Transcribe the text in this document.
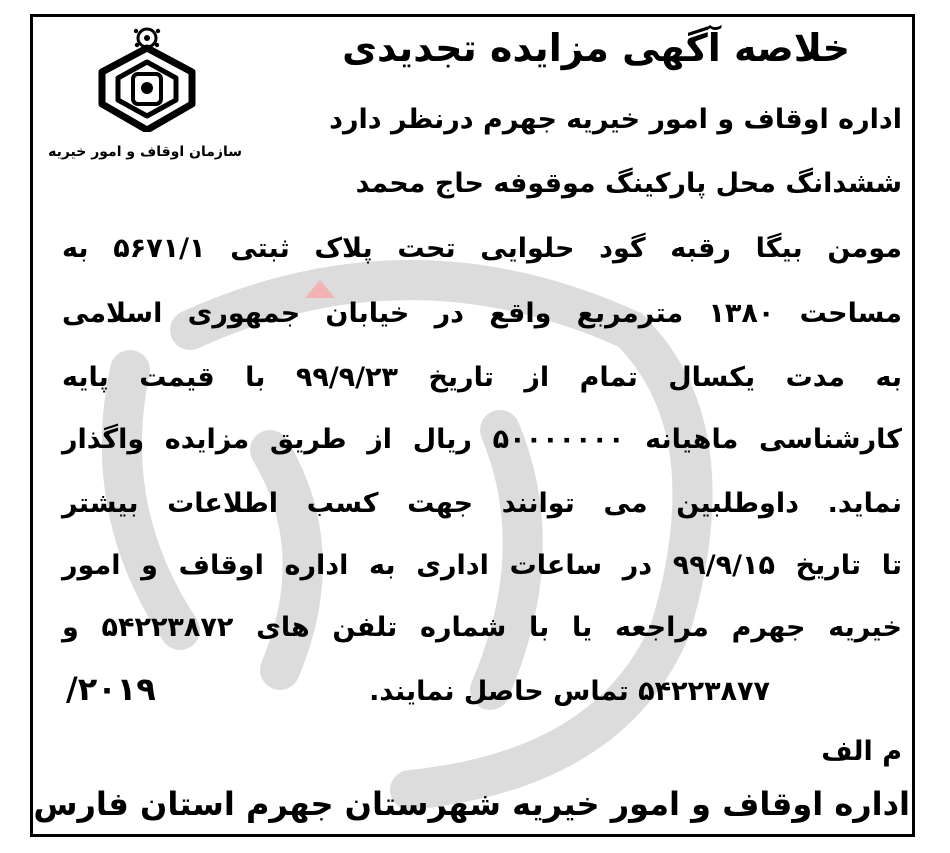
سازمان اوقاف و امور خیریه
خلاصه آگهی مزایده تجدیدی
اداره اوقاف و امور خیریه جهرم درنظر دارد
ششدانگ محل پارکینگ موقوفه حاج محمد
مومن بیگا رقبه گود حلوایی تحت پلاک ثبتی ۵۶۷۱/۱ به
مساحت ۱۳۸۰ مترمربع واقع در خیابان جمهوری اسلامی
به مدت یکسال تمام از تاریخ ۹۹/۹/۲۳ با قیمت پایه
کارشناسی ماهیانه ۵۰۰۰۰۰۰۰ ریال از طریق مزایده واگذار
نماید. داوطلبین می توانند جهت کسب اطلاعات بیشتر
تا تاریخ ۹۹/۹/۱۵ در ساعات اداری به اداره اوقاف و امور
خیریه جهرم مراجعه یا با شماره تلفن های ۵۴۲۲۳۸۷۲ و
۵۴۲۲۳۸۷۷ تماس حاصل نمایند.
/۲۰۱۹
م الف
اداره اوقاف و امور خیریه شهرستان جهرم استان فارس
